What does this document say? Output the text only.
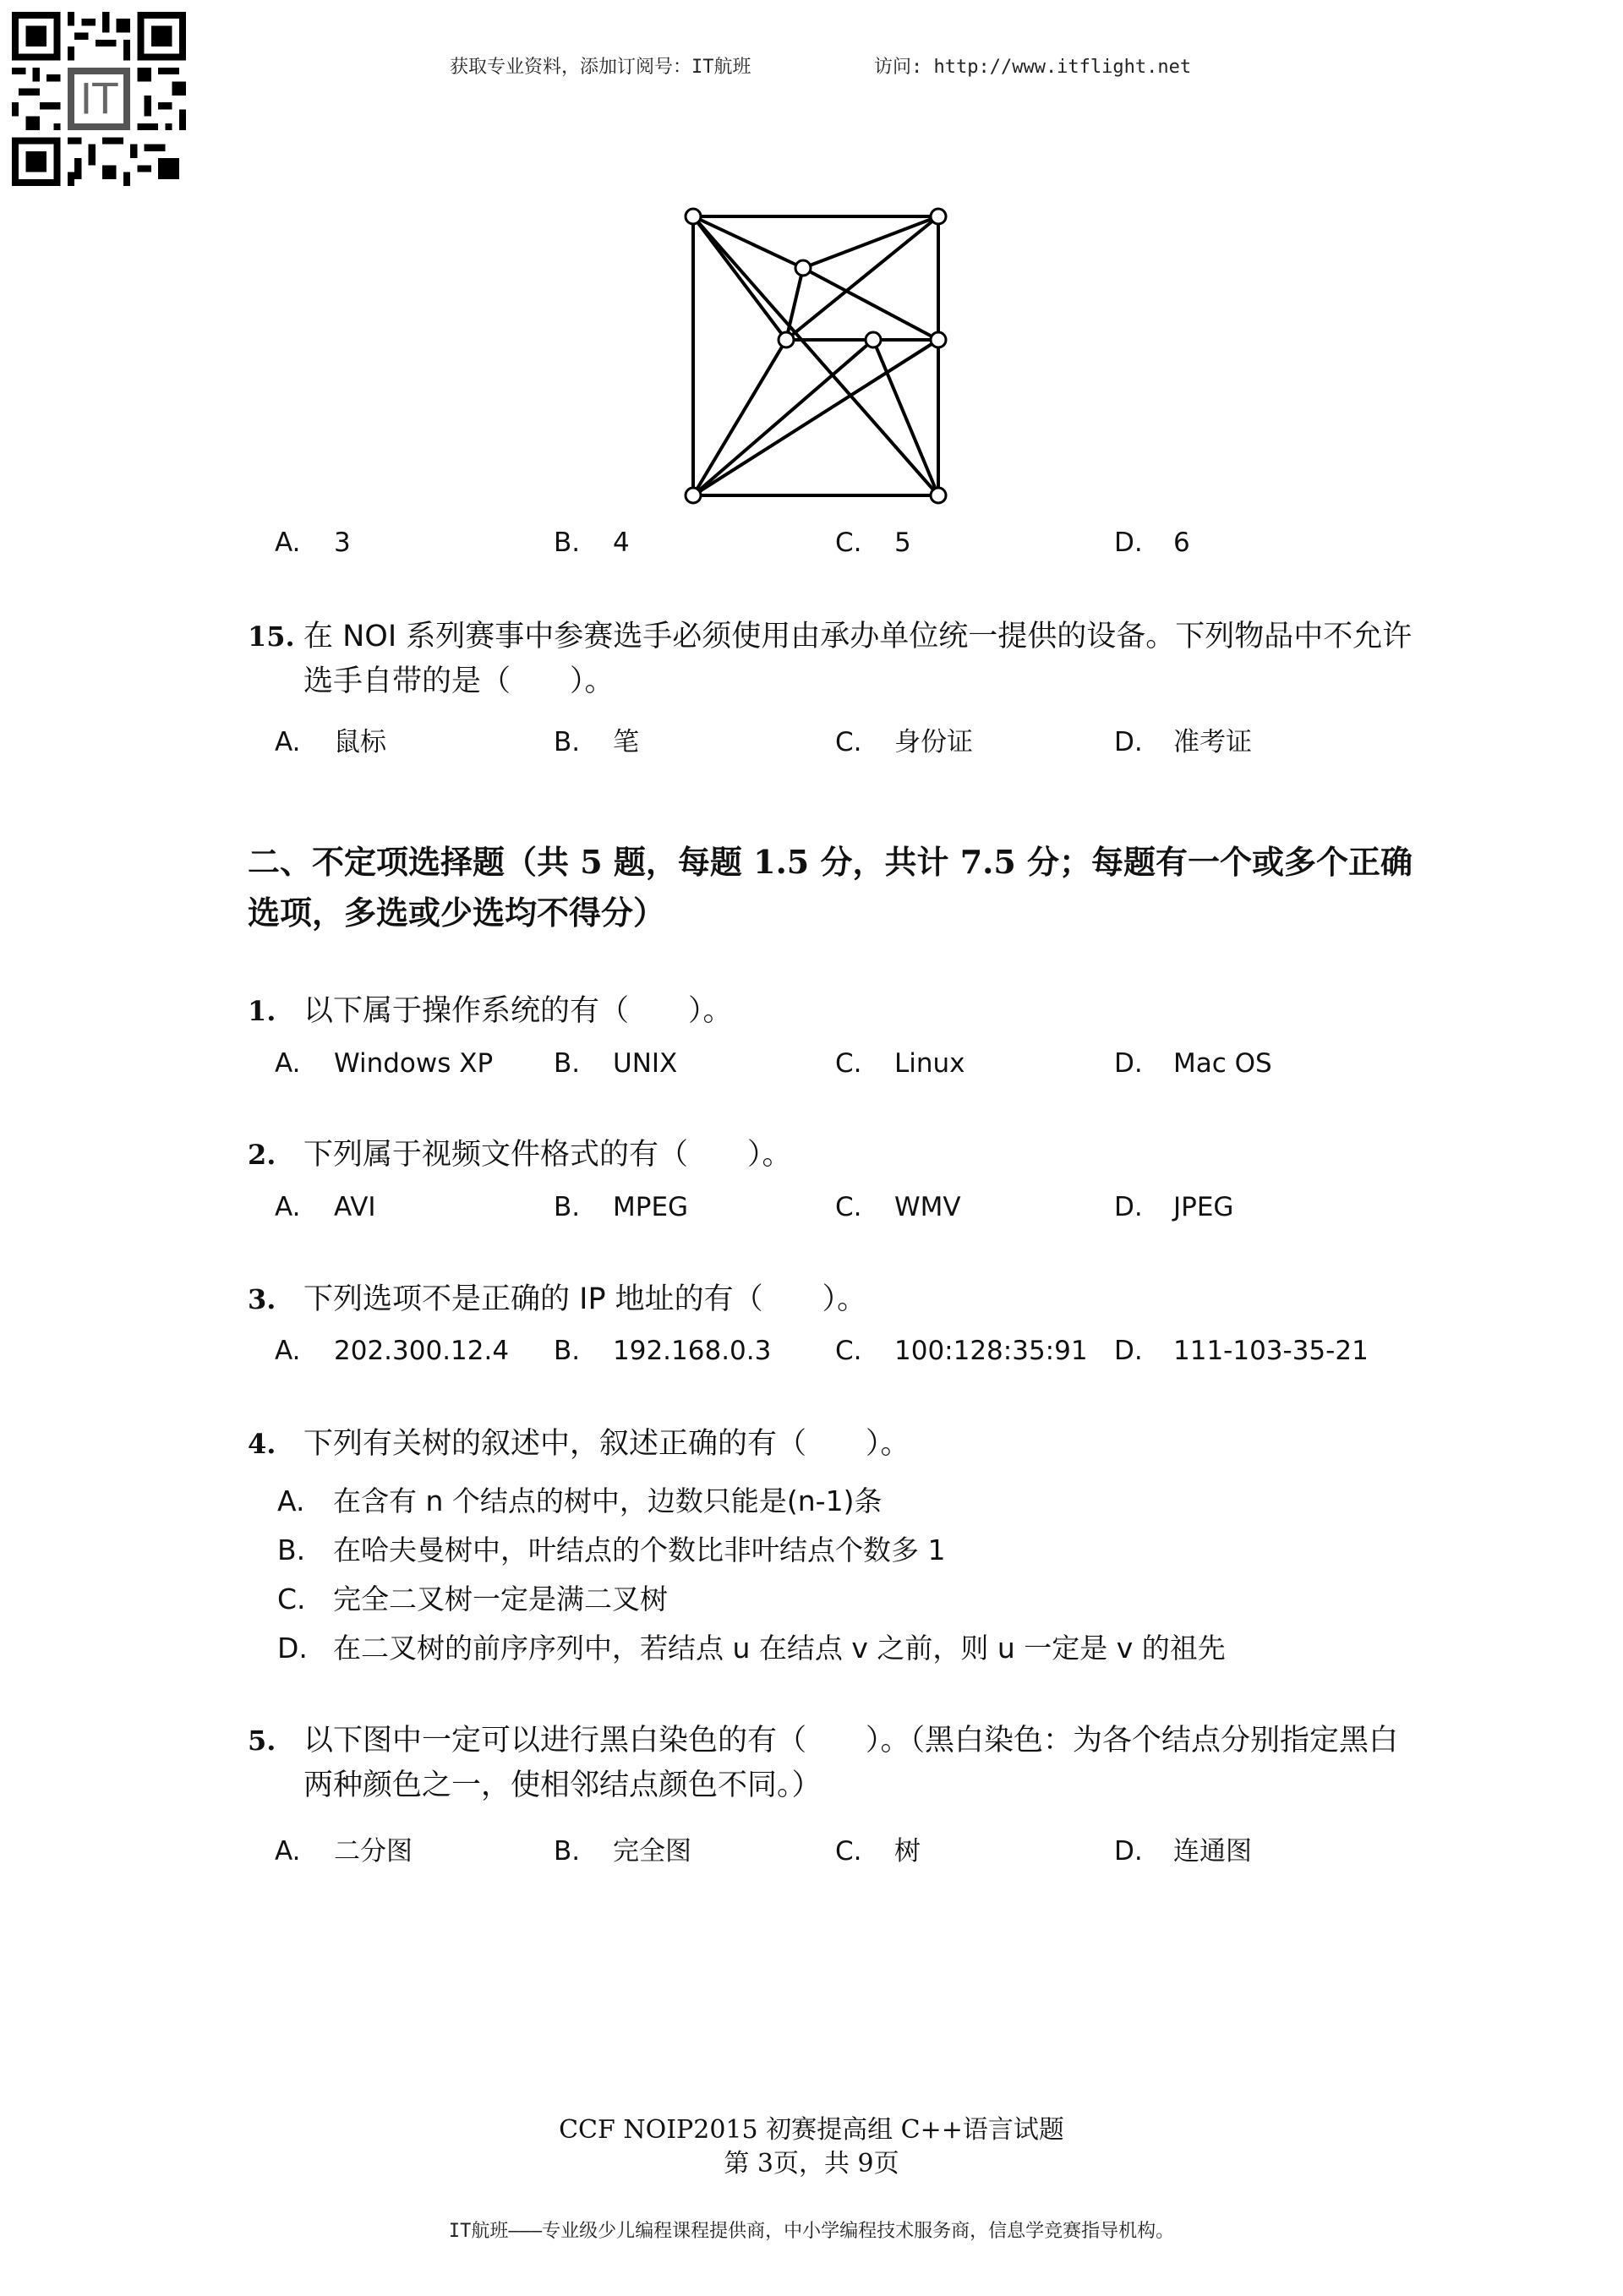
IT
获取专业资料，添加订阅号：IT航班	访问: http://www.itflight.net
A. 3	B. 4	C. 5	D. 6
15. 在 NOI 系列赛事中参赛选手必须使用由承办单位统一提供的设备。下列物品中不允许选手自带的是（　　）。
A. 鼠标	B. 笔	C. 身份证	D. 准考证
二、不定项选择题（共 5 题，每题 1.5 分，共计 7.5 分；每题有一个或多个正确选项，多选或少选均不得分）
1. 以下属于操作系统的有（　　）。
A. Windows XP B. UNIX	C. Linux	D. Mac OS
2. 下列属于视频文件格式的有（　　）。
A. AVI	B. MPEG	C. WMV	D. JPEG
3. 下列选项不是正确的 IP 地址的有（　　）。
A. 202.300.12.4 B. 192.168.0.3 C. 100:128:35:91 D. 111-103-35-21
4. 下列有关树的叙述中，叙述正确的有（　　）。
A. 在含有 n 个结点的树中，边数只能是(n-1)条
B. 在哈夫曼树中，叶结点的个数比非叶结点个数多 1
C. 完全二叉树一定是满二叉树
D. 在二叉树的前序序列中，若结点 u 在结点 v 之前，则 u 一定是 v 的祖先
5. 以下图中一定可以进行黑白染色的有（　　）。（黑白染色：为各个结点分别指定黑白两种颜色之一，使相邻结点颜色不同。）
A. 二分图	B. 完全图	C. 树	D. 连通图
CCF NOIP2015 初赛提高组 C++语言试题
第 3页，共 9页
IT航班———专业级少儿编程课程提供商，中小学编程技术服务商，信息学竞赛指导机构。
